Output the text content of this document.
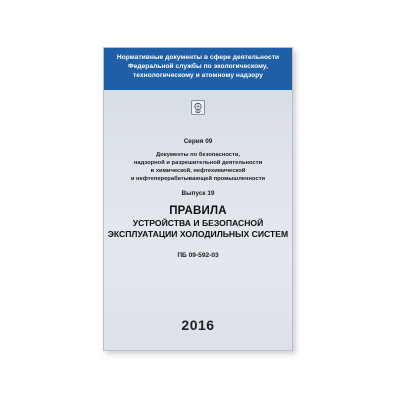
Нормативные документы в сфере деятельности
Федеральной службы по экологическому,
технологическому и атомному надзору
Серия 09
Документы по безопасности,
надзорной и разрешительной деятельности
в химической, нефтехимической
и нефтеперерабатывающей промышленности
Выпуск 19
ПРАВИЛА
УСТРОЙСТВА И БЕЗОПАСНОЙ
ЭКСПЛУАТАЦИИ ХОЛОДИЛЬНЫХ СИСТЕМ
ПБ 09-592-03
2016
